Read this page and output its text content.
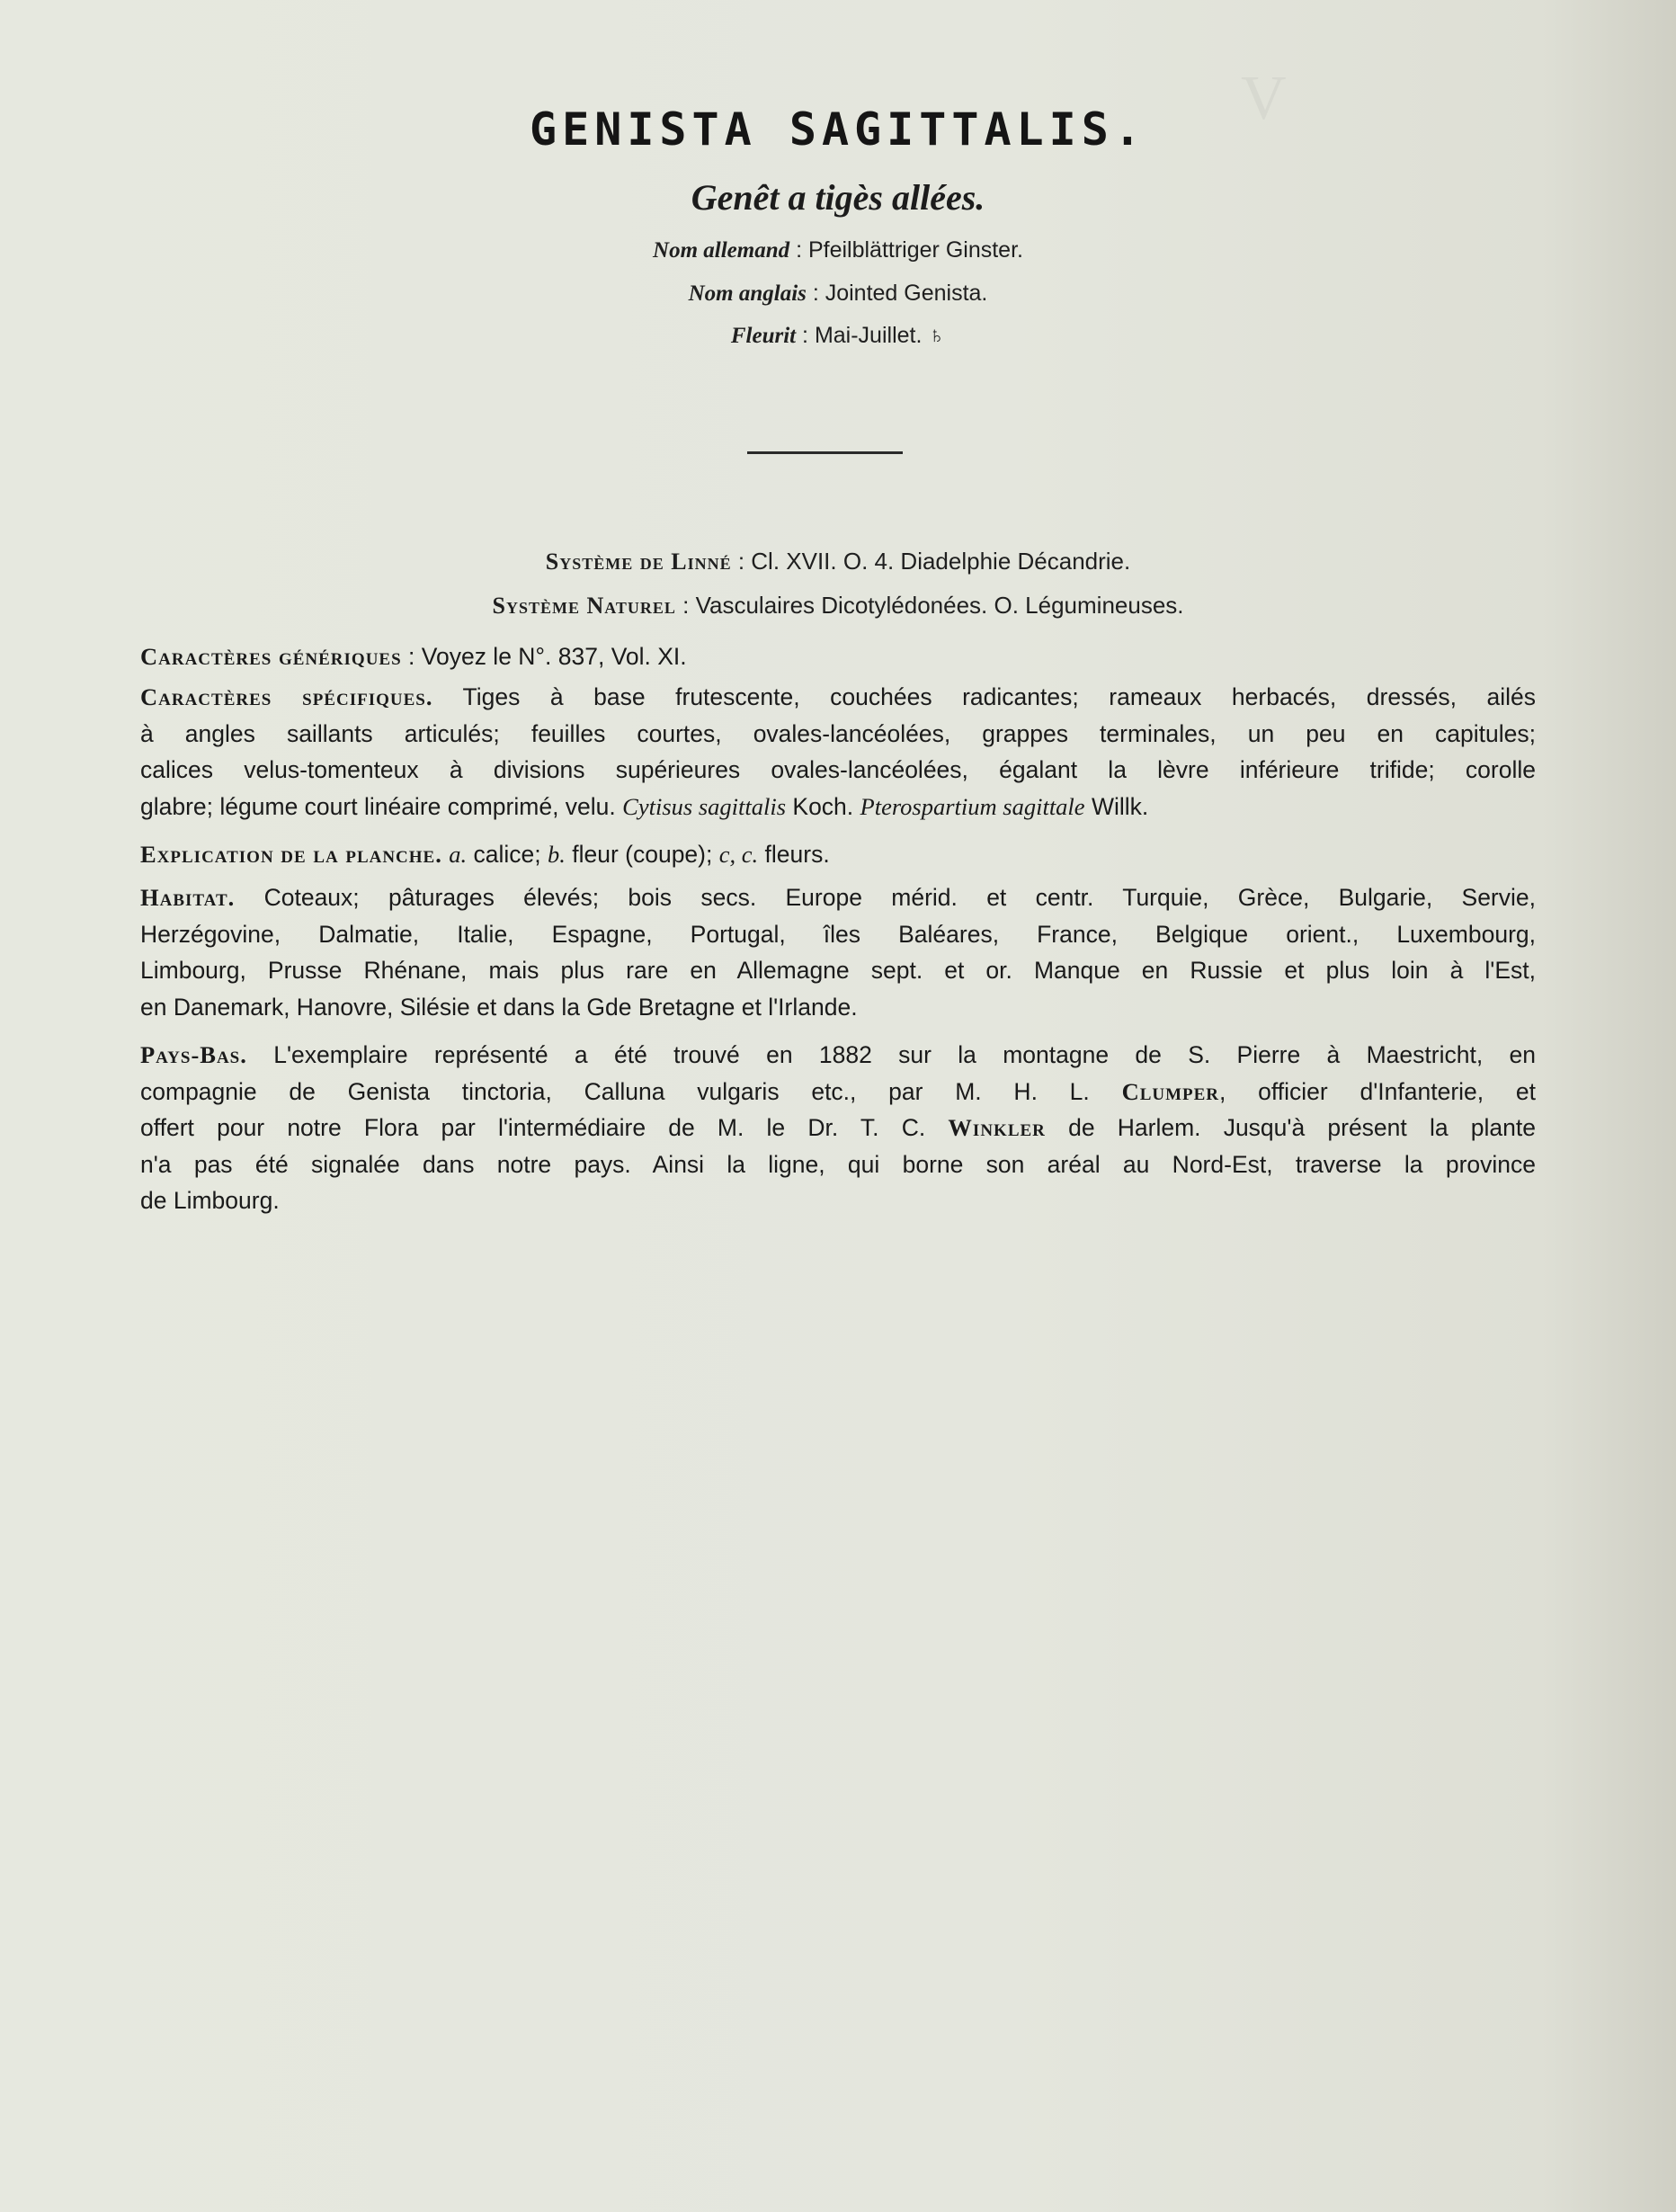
V
GENISTA SAGITTALIS.
Genêt a tigès allées.
Nom allemand : Pfeilblättriger Ginster.
Nom anglais : Jointed Genista.
Fleurit : Mai-Juillet. ♄
Système de Linné : Cl. XVII. O. 4. Diadelphie Décandrie.
Système Naturel : Vasculaires Dicotylédonées. O. Légumineuses.
Caractères génériques : Voyez le N°. 837, Vol. XI.
Caractères spécifiques. Tiges à base frutescente, couchées radicantes; rameaux herbacés, dressés, ailés
à angles saillants articulés; feuilles courtes, ovales-lancéolées, grappes terminales, un peu en capitules;
calices velus-tomenteux à divisions supérieures ovales-lancéolées, égalant la lèvre inférieure trifide; corolle
glabre; légume court linéaire comprimé, velu. Cytisus sagittalis Koch. Pterospartium sagittale Willk.
Explication de la planche. a. calice; b. fleur (coupe); c, c. fleurs.
Habitat. Coteaux; pâturages élevés; bois secs. Europe mérid. et centr. Turquie, Grèce, Bulgarie, Servie,
Herzégovine, Dalmatie, Italie, Espagne, Portugal, îles Baléares, France, Belgique orient., Luxembourg,
Limbourg, Prusse Rhénane, mais plus rare en Allemagne sept. et or. Manque en Russie et plus loin à l'Est,
en Danemark, Hanovre, Silésie et dans la Gde Bretagne et l'Irlande.
Pays-Bas. L'exemplaire représenté a été trouvé en 1882 sur la montagne de S. Pierre à Maestricht, en
compagnie de Genista tinctoria, Calluna vulgaris etc., par M. H. L. Clumper, officier d'Infanterie, et
offert pour notre Flora par l'intermédiaire de M. le Dr. T. C. Winkler de Harlem. Jusqu'à présent la plante
n'a pas été signalée dans notre pays. Ainsi la ligne, qui borne son aréal au Nord-Est, traverse la province
de Limbourg.
